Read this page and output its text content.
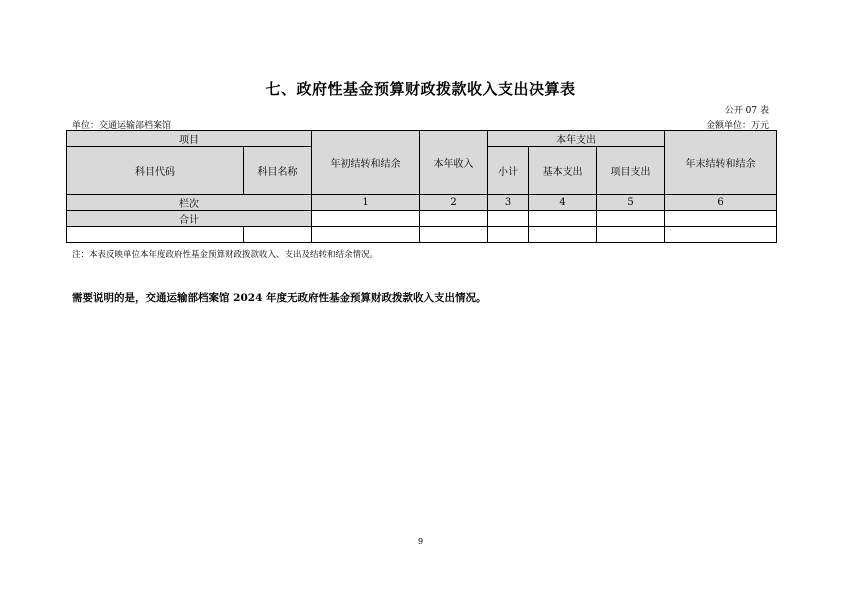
七、政府性基金预算财政拨款收入支出决算表
公开 07 表
单位：交通运输部档案馆	金额单位：万元
项目		年初结转和结余	本年收入	本年支出			年末结转和结余
科目代码	科目名称			小计	基本支出	项目支出	
栏次		1	2	3	4	5	6
合计							

注：本表反映单位本年度政府性基金预算财政拨款收入、支出及结转和结余情况。
需要说明的是，交通运输部档案馆 2024 年度无政府性基金预算财政拨款收入支出情况。
9
